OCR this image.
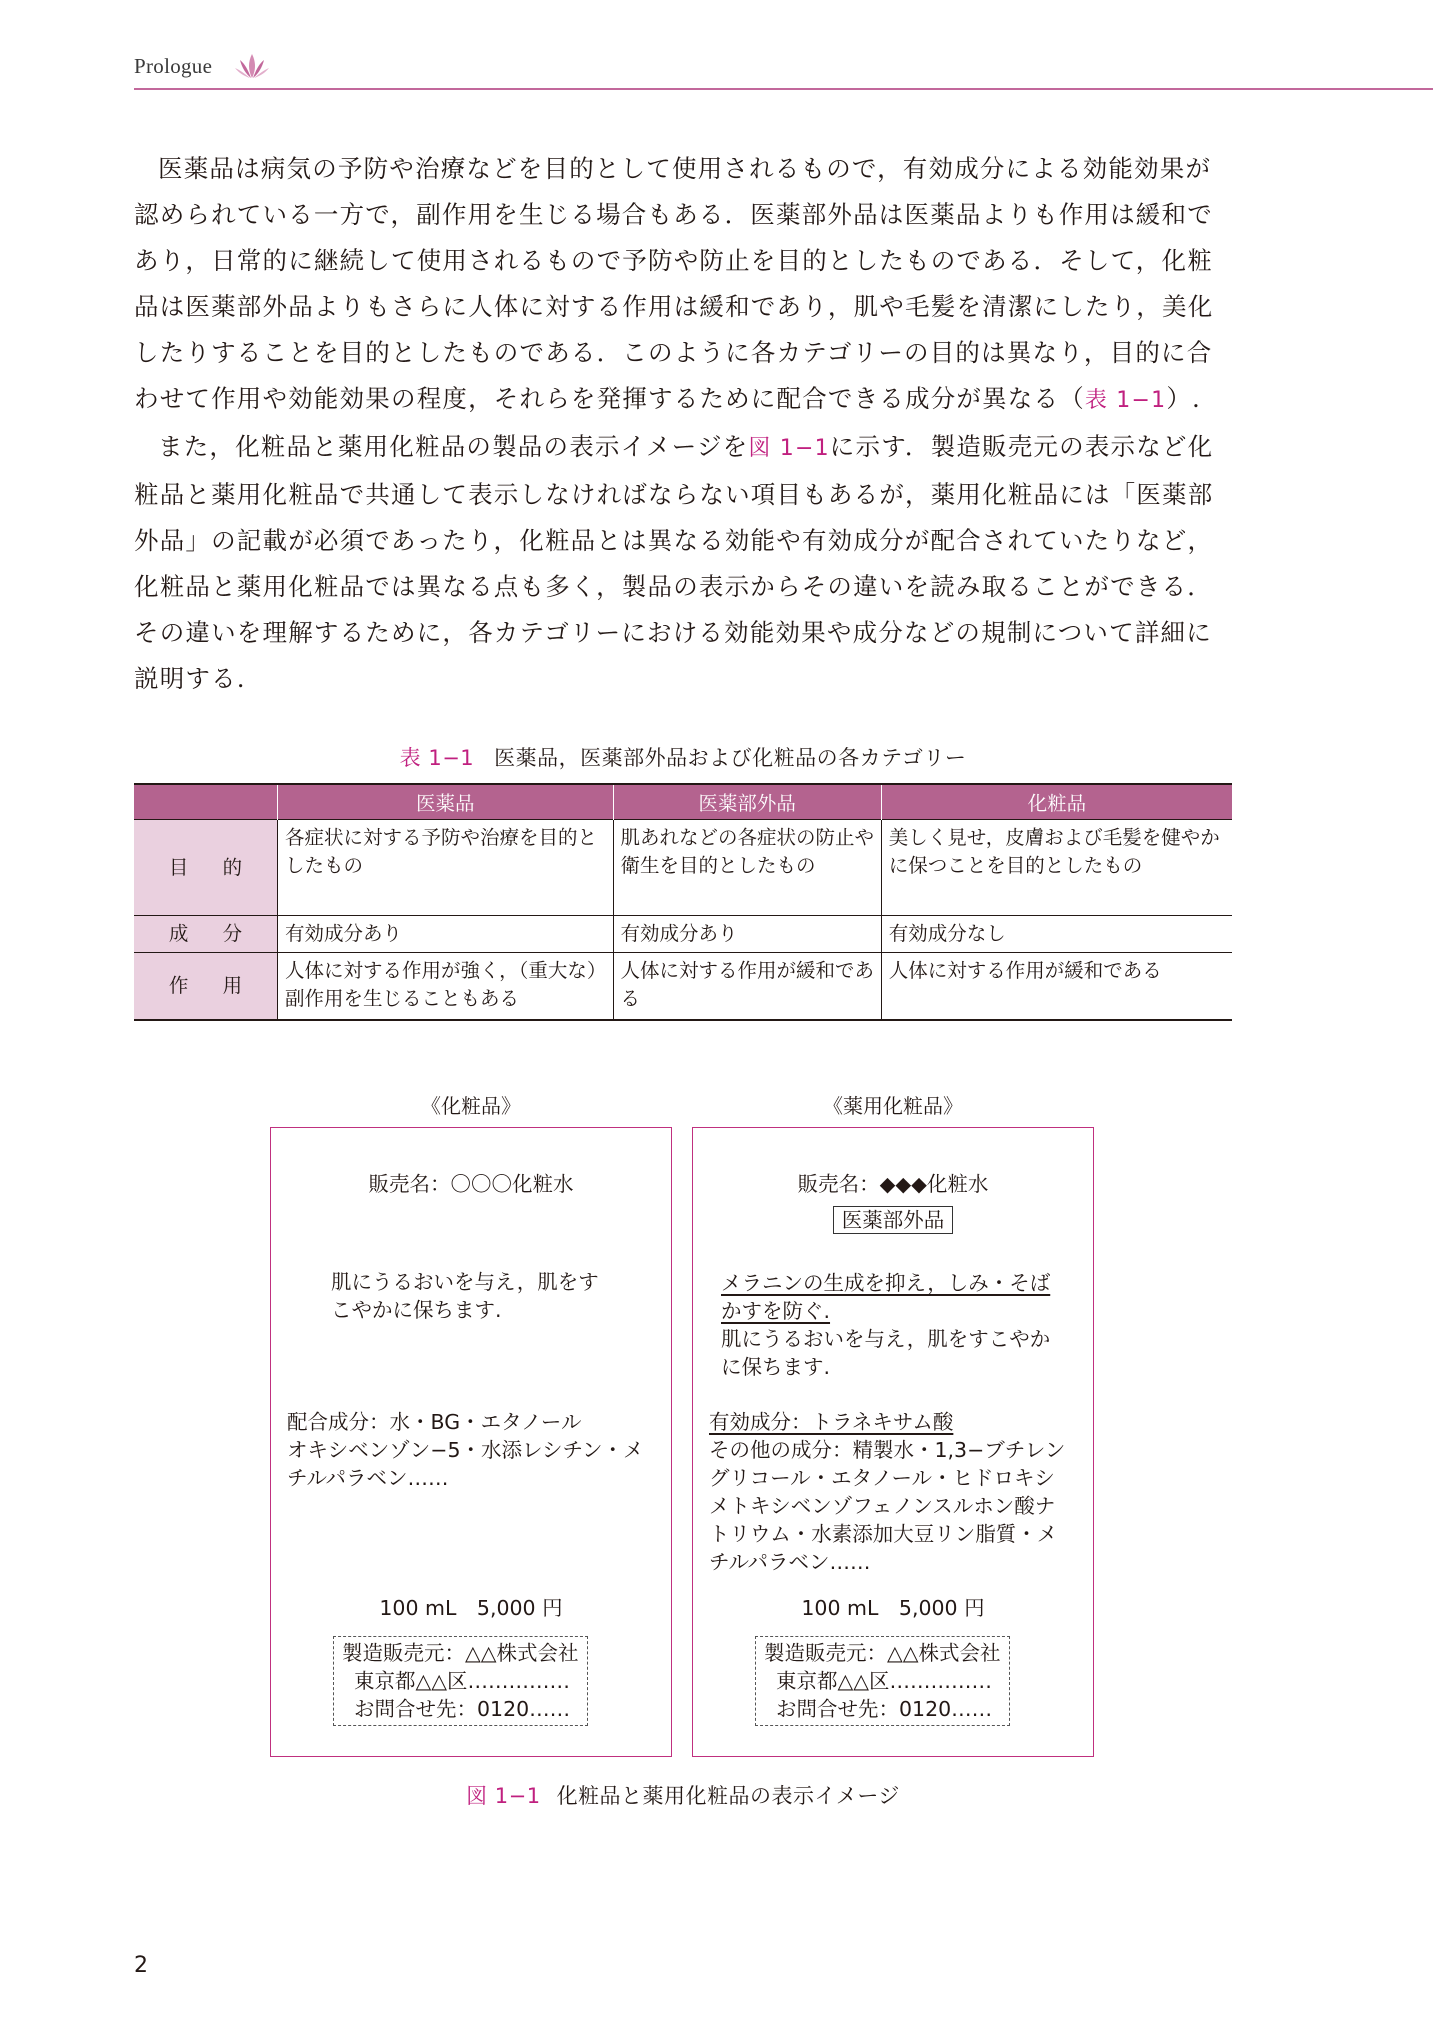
Prologue

医薬品は病気の予防や治療などを目的として使用されるもので，有効成分による効能効果が認められている一方で，副作用を生じる場合もある．医薬部外品は医薬品よりも作用は緩和であり，日常的に継続して使用されるもので予防や防止を目的としたものである．そして，化粧品は医薬部外品よりもさらに人体に対する作用は緩和であり，肌や毛髪を清潔にしたり，美化したりすることを目的としたものである．このように各カテゴリーの目的は異なり，目的に合わせて作用や効能効果の程度，それらを発揮するために配合できる成分が異なる（表 1−1）.

また，化粧品と薬用化粧品の製品の表示イメージを図 1−1に示す．製造販売元の表示など化粧品と薬用化粧品で共通して表示しなければならない項目もあるが，薬用化粧品には「医薬部外品」の記載が必須であったり，化粧品とは異なる効能や有効成分が配合されていたりなど，化粧品と薬用化粧品では異なる点も多く，製品の表示からその違いを読み取ることができる．その違いを理解するために，各カテゴリーにおける効能効果や成分などの規制について詳細に説明する.

表 1−1 医薬品，医薬部外品および化粧品の各カテゴリー
	医薬品	医薬部外品	化粧品
目 的	各症状に対する予防や治療を目的としたもの	肌あれなどの各症状の防止や衛生を目的としたもの	美しく見せ，皮膚および毛髪を健やかに保つことを目的としたもの
成 分	有効成分あり	有効成分あり	有効成分なし
作 用	人体に対する作用が強く，（重大な）副作用を生じることもある	人体に対する作用が緩和である	人体に対する作用が緩和である
《化粧品》
販売名：〇〇〇化粧水
肌にうるおいを与え，肌をす
こやかに保ちます.
配合成分：水・BG・エタノール
オキシベンゾン−5・水添レシチン・メ
チルパラベン……
100 mL　5,000 円
製造販売元：△△株式会社
東京都△△区……………
お問合せ先：0120……
《薬用化粧品》
販売名：◆◆◆化粧水
医薬部外品
メラニンの生成を抑え，しみ・そば
かすを防ぐ.
肌にうるおいを与え，肌をすこやか
に保ちます.
有効成分：トラネキサム酸
その他の成分：精製水・1,3−ブチレン
グリコール・エタノール・ヒドロキシ
メトキシベンゾフェノンスルホン酸ナ
トリウム・水素添加大豆リン脂質・メ
チルパラベン……
100 mL　5,000 円
製造販売元：△△株式会社
東京都△△区……………
お問合せ先：0120……
図 1−1 化粧品と薬用化粧品の表示イメージ
2
